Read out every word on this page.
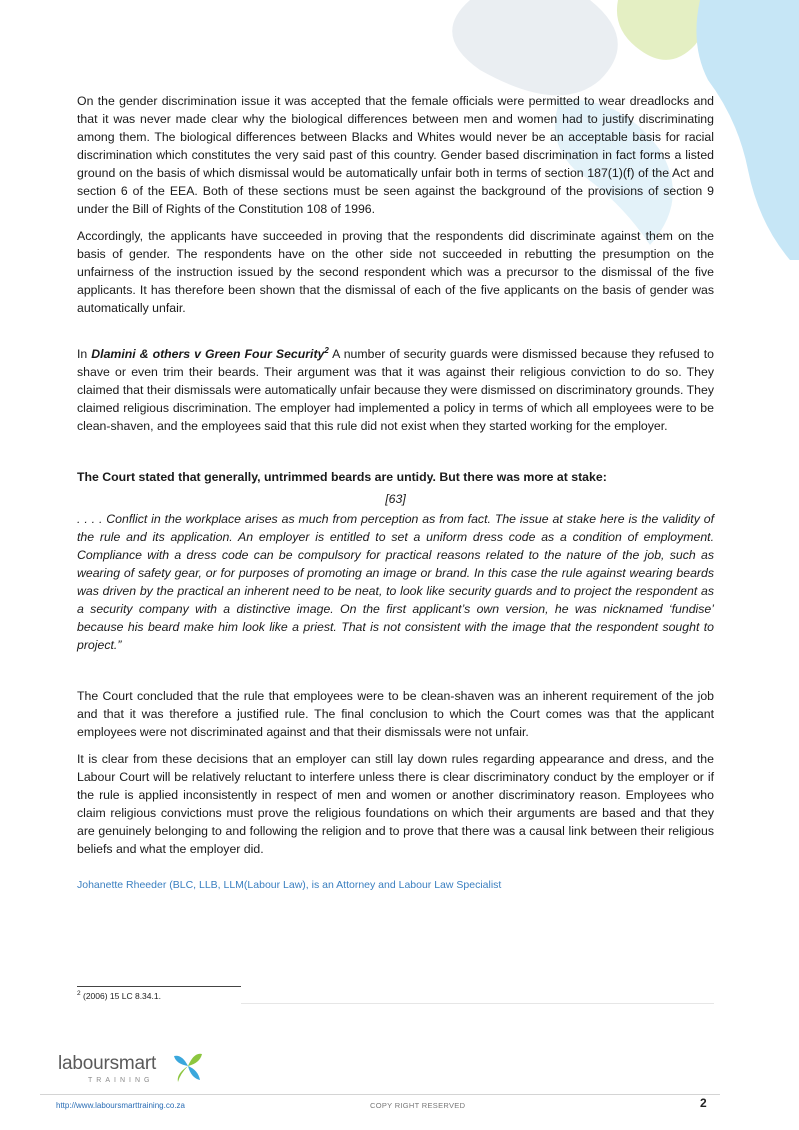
On the gender discrimination issue it was accepted that the female officials were permitted to wear dreadlocks and that it was never made clear why the biological differences between men and women had to justify discriminating among them. The biological differences between Blacks and Whites would never be an acceptable basis for racial discrimination which constitutes the very said past of this country. Gender based discrimination in fact forms a listed ground on the basis of which dismissal would be automatically unfair both in terms of section 187(1)(f) of the Act and section 6 of the EEA. Both of these sections must be seen against the background of the provisions of section 9 under the Bill of Rights of the Constitution 108 of 1996.

Accordingly, the applicants have succeeded in proving that the respondents did discriminate against them on the basis of gender. The respondents have on the other side not succeeded in rebutting the presumption on the unfairness of the instruction issued by the second respondent which was a precursor to the dismissal of the five applicants. It has therefore been shown that the dismissal of each of the five applicants on the basis of gender was automatically unfair.

In Dlamini & others v Green Four Security$^2$ A number of security guards were dismissed because they refused to shave or even trim their beards. Their argument was that it was against their religious conviction to do so. They claimed that their dismissals were automatically unfair because they were dismissed on discriminatory grounds. They claimed religious discrimination. The employer had implemented a policy in terms of which all employees were to be clean-shaven, and the employees said that this rule did not exist when they started working for the employer.

The Court stated that generally, untrimmed beards are untidy. But there was more at stake:

[63]

. . . . Conflict in the workplace arises as much from perception as from fact. The issue at stake here is the validity of the rule and its application. An employer is entitled to set a uniform dress code as a condition of employment. Compliance with a dress code can be compulsory for practical reasons related to the nature of the job, such as wearing of safety gear, or for purposes of promoting an image or brand. In this case the rule against wearing beards was driven by the practical an inherent need to be neat, to look like security guards and to project the respondent as a security company with a distinctive image. On the first applicant’s own version, he was nicknamed ‘fundise’ because his beard make him look like a priest. That is not consistent with the image that the respondent sought to project.”

The Court concluded that the rule that employees were to be clean-shaven was an inherent requirement of the job and that it was therefore a justified rule. The final conclusion to which the Court comes was that the applicant employees were not discriminated against and that their dismissals were not unfair.

It is clear from these decisions that an employer can still lay down rules regarding appearance and dress, and the Labour Court will be relatively reluctant to interfere unless there is clear discriminatory conduct by the employer or if the rule is applied inconsistently in respect of men and women or another discriminatory reason. Employees who claim religious convictions must prove the religious foundations on which their arguments are based and that they are genuinely belonging to and following the religion and to prove that there was a causal link between their religious beliefs and what the employer did.

Johanette Rheeder (BLC, LLB, LLM(Labour Law), is an Attorney and Labour Law Specialist

$^2$ (2006) 15 LC 8.34.1.
laboursmart
TRAINING
http://www.laboursmarttraining.co.za	COPY RIGHT RESERVED	2
